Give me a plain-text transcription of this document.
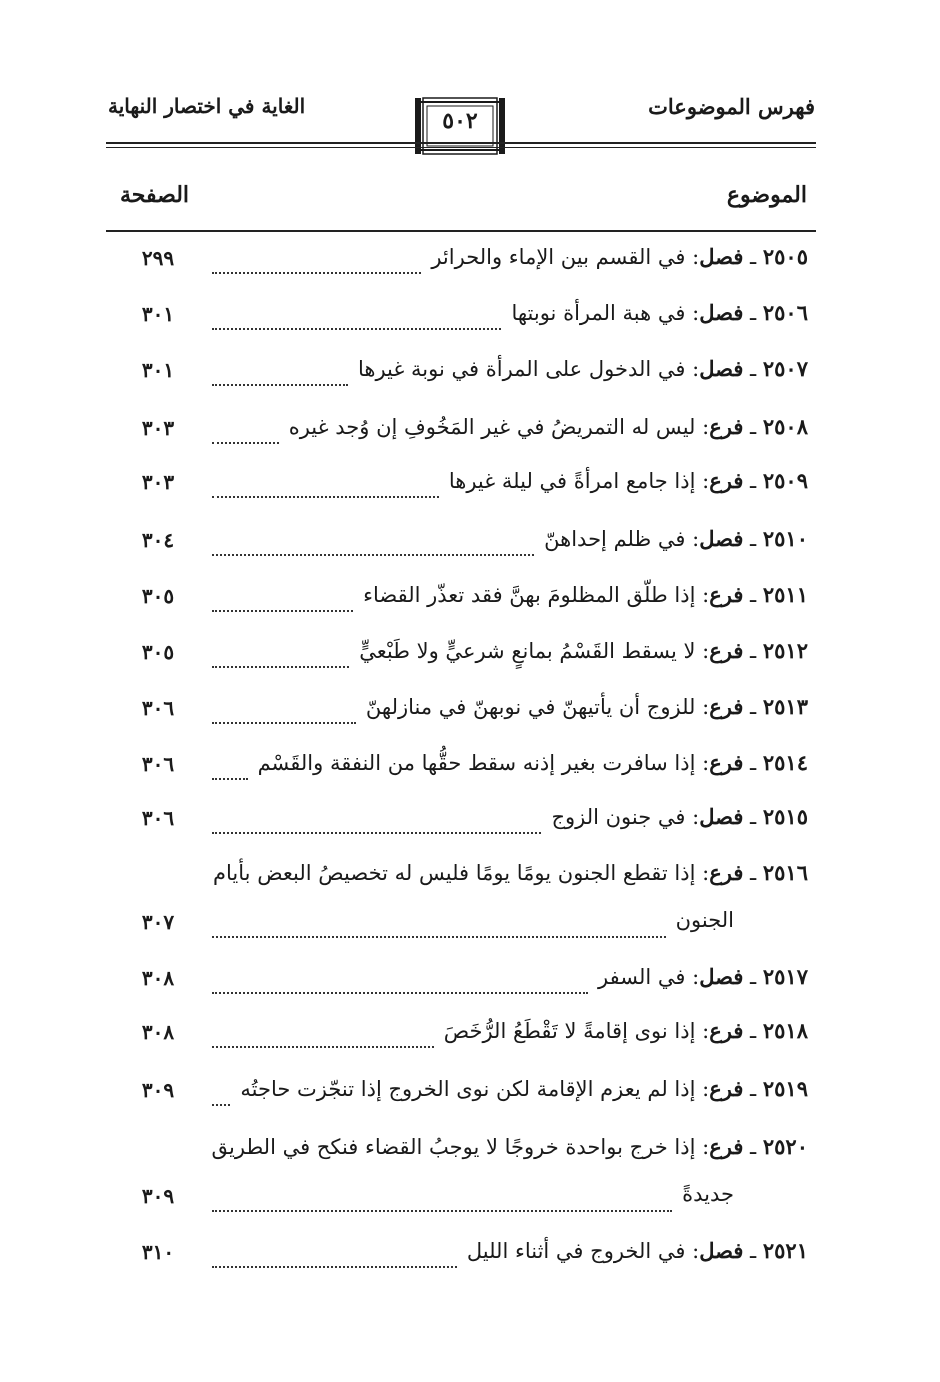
فهرس الموضوعات
٥٠٢
الغاية في اختصار النهاية
الموضوع
الصفحة
٢٥٠٥ ـ فصل: في القسم بين الإماء والحرائر
٢٩٩
٢٥٠٦ ـ فصل: في هبة المرأة نوبتها
٣٠١
٢٥٠٧ ـ فصل: في الدخول على المرأة في نوبة غيرها
٣٠١
٢٥٠٨ ـ فرع: ليس له التمريضُ في غير المَخُوفِ إن وُجد غيره
٣٠٣
٢٥٠٩ ـ فرع: إذا جامع امرأةً في ليلة غيرها
٣٠٣
٢٥١٠ ـ فصل: في ظلم إحداهنّ
٣٠٤
٢٥١١ ـ فرع: إذا طلّق المظلومَ بهنَّ فقد تعذّر القضاء
٣٠٥
٢٥١٢ ـ فرع: لا يسقط القَسْمُ بمانعٍ شرعيٍّ ولا طَبْعيٍّ
٣٠٥
٢٥١٣ ـ فرع: للزوج أن يأتيهنّ في نوبهنّ في منازلهنّ
٣٠٦
٢٥١٤ ـ فرع: إذا سافرت بغير إذنه سقط حقُّها من النفقة والقَسْم
٣٠٦
٢٥١٥ ـ فصل: في جنون الزوج
٣٠٦
٢٥١٦ ـ فرع: إذا تقطع الجنون يومًا يومًا فليس له تخصيصُ البعض بأيام
الجنون
٣٠٧
٢٥١٧ ـ فصل: في السفر
٣٠٨
٢٥١٨ ـ فرع: إذا نوى إقامةً لا تَقْطَعُ الرُّخَصَ
٣٠٨
٢٥١٩ ـ فرع: إذا لم يعزم الإقامة لكن نوى الخروج إذا تنجّزت حاجتُه
٣٠٩
٢٥٢٠ ـ فرع: إذا خرج بواحدة خروجًا لا يوجبُ القضاء فنكح في الطريق
جديدةً
٣٠٩
٢٥٢١ ـ فصل: في الخروج في أثناء الليل
٣١٠
